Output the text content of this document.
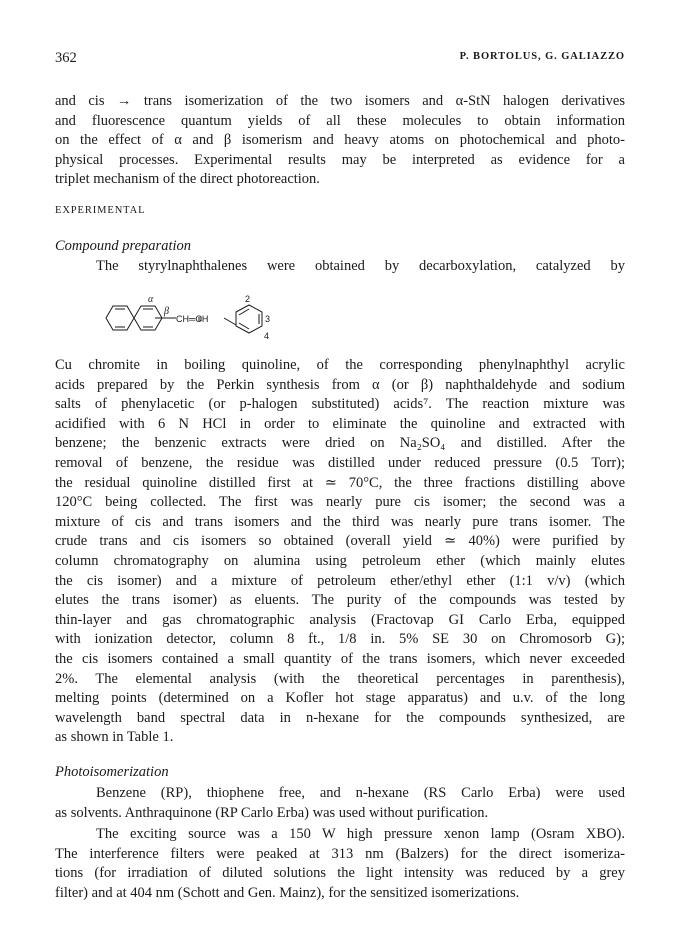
362	P. BORTOLUS, G. GALIAZZO

and cis → trans isomerization of the two isomers and α-StN halogen derivatives
and fluorescence quantum yields of all these molecules to obtain information
on the effect of α and β isomerism and heavy atoms on photochemical and photo-
physical processes. Experimental results may be interpreted as evidence for a
triplet mechanism of the direct photoreaction.

EXPERIMENTAL
Compound preparation

The styrylnaphthalenes were obtained by decarboxylation, catalyzed by

α
β
CH═CH
2
3
4

Cu chromite in boiling quinoline, of the corresponding phenylnaphthyl acrylic
acids prepared by the Perkin synthesis from α (or β) naphthaldehyde and sodium
salts of phenylacetic (or p-halogen substituted) acids⁷. The reaction mixture was
acidified with 6 N HCl in order to eliminate the quinoline and extracted with
benzene; the benzenic extracts were dried on Na₂SO₄ and distilled. After the
removal of benzene, the residue was distilled under reduced pressure (0.5 Torr);
the residual quinoline distilled first at ≃ 70°C, the three fractions distilling above
120°C being collected. The first was nearly pure cis isomer; the second was a
mixture of cis and trans isomers and the third was nearly pure trans isomer. The
crude trans and cis isomers so obtained (overall yield ≃ 40%) were purified by
column chromatography on alumina using petroleum ether (which mainly elutes
the cis isomer) and a mixture of petroleum ether/ethyl ether (1:1 v/v) (which
elutes the trans isomer) as eluents. The purity of the compounds was tested by
thin-layer and gas chromatographic analysis (Fractovap GI Carlo Erba, equipped
with ionization detector, column 8 ft., 1/8 in. 5% SE 30 on Chromosorb G);
the cis isomers contained a small quantity of the trans isomers, which never exceeded
2%. The elemental analysis (with the theoretical percentages in parenthesis),
melting points (determined on a Kofler hot stage apparatus) and u.v. of the long
wavelength band spectral data in n-hexane for the compounds synthesized, are
as shown in Table 1.

Photoisomerization

Benzene (RP), thiophene free, and n-hexane (RS Carlo Erba) were used
as solvents. Anthraquinone (RP Carlo Erba) was used without purification.

The exciting source was a 150 W high pressure xenon lamp (Osram XBO).
The interference filters were peaked at 313 nm (Balzers) for the direct isomeriza-
tions (for irradiation of diluted solutions the light intensity was reduced by a grey
filter) and at 404 nm (Schott and Gen. Mainz), for the sensitized isomerizations.
